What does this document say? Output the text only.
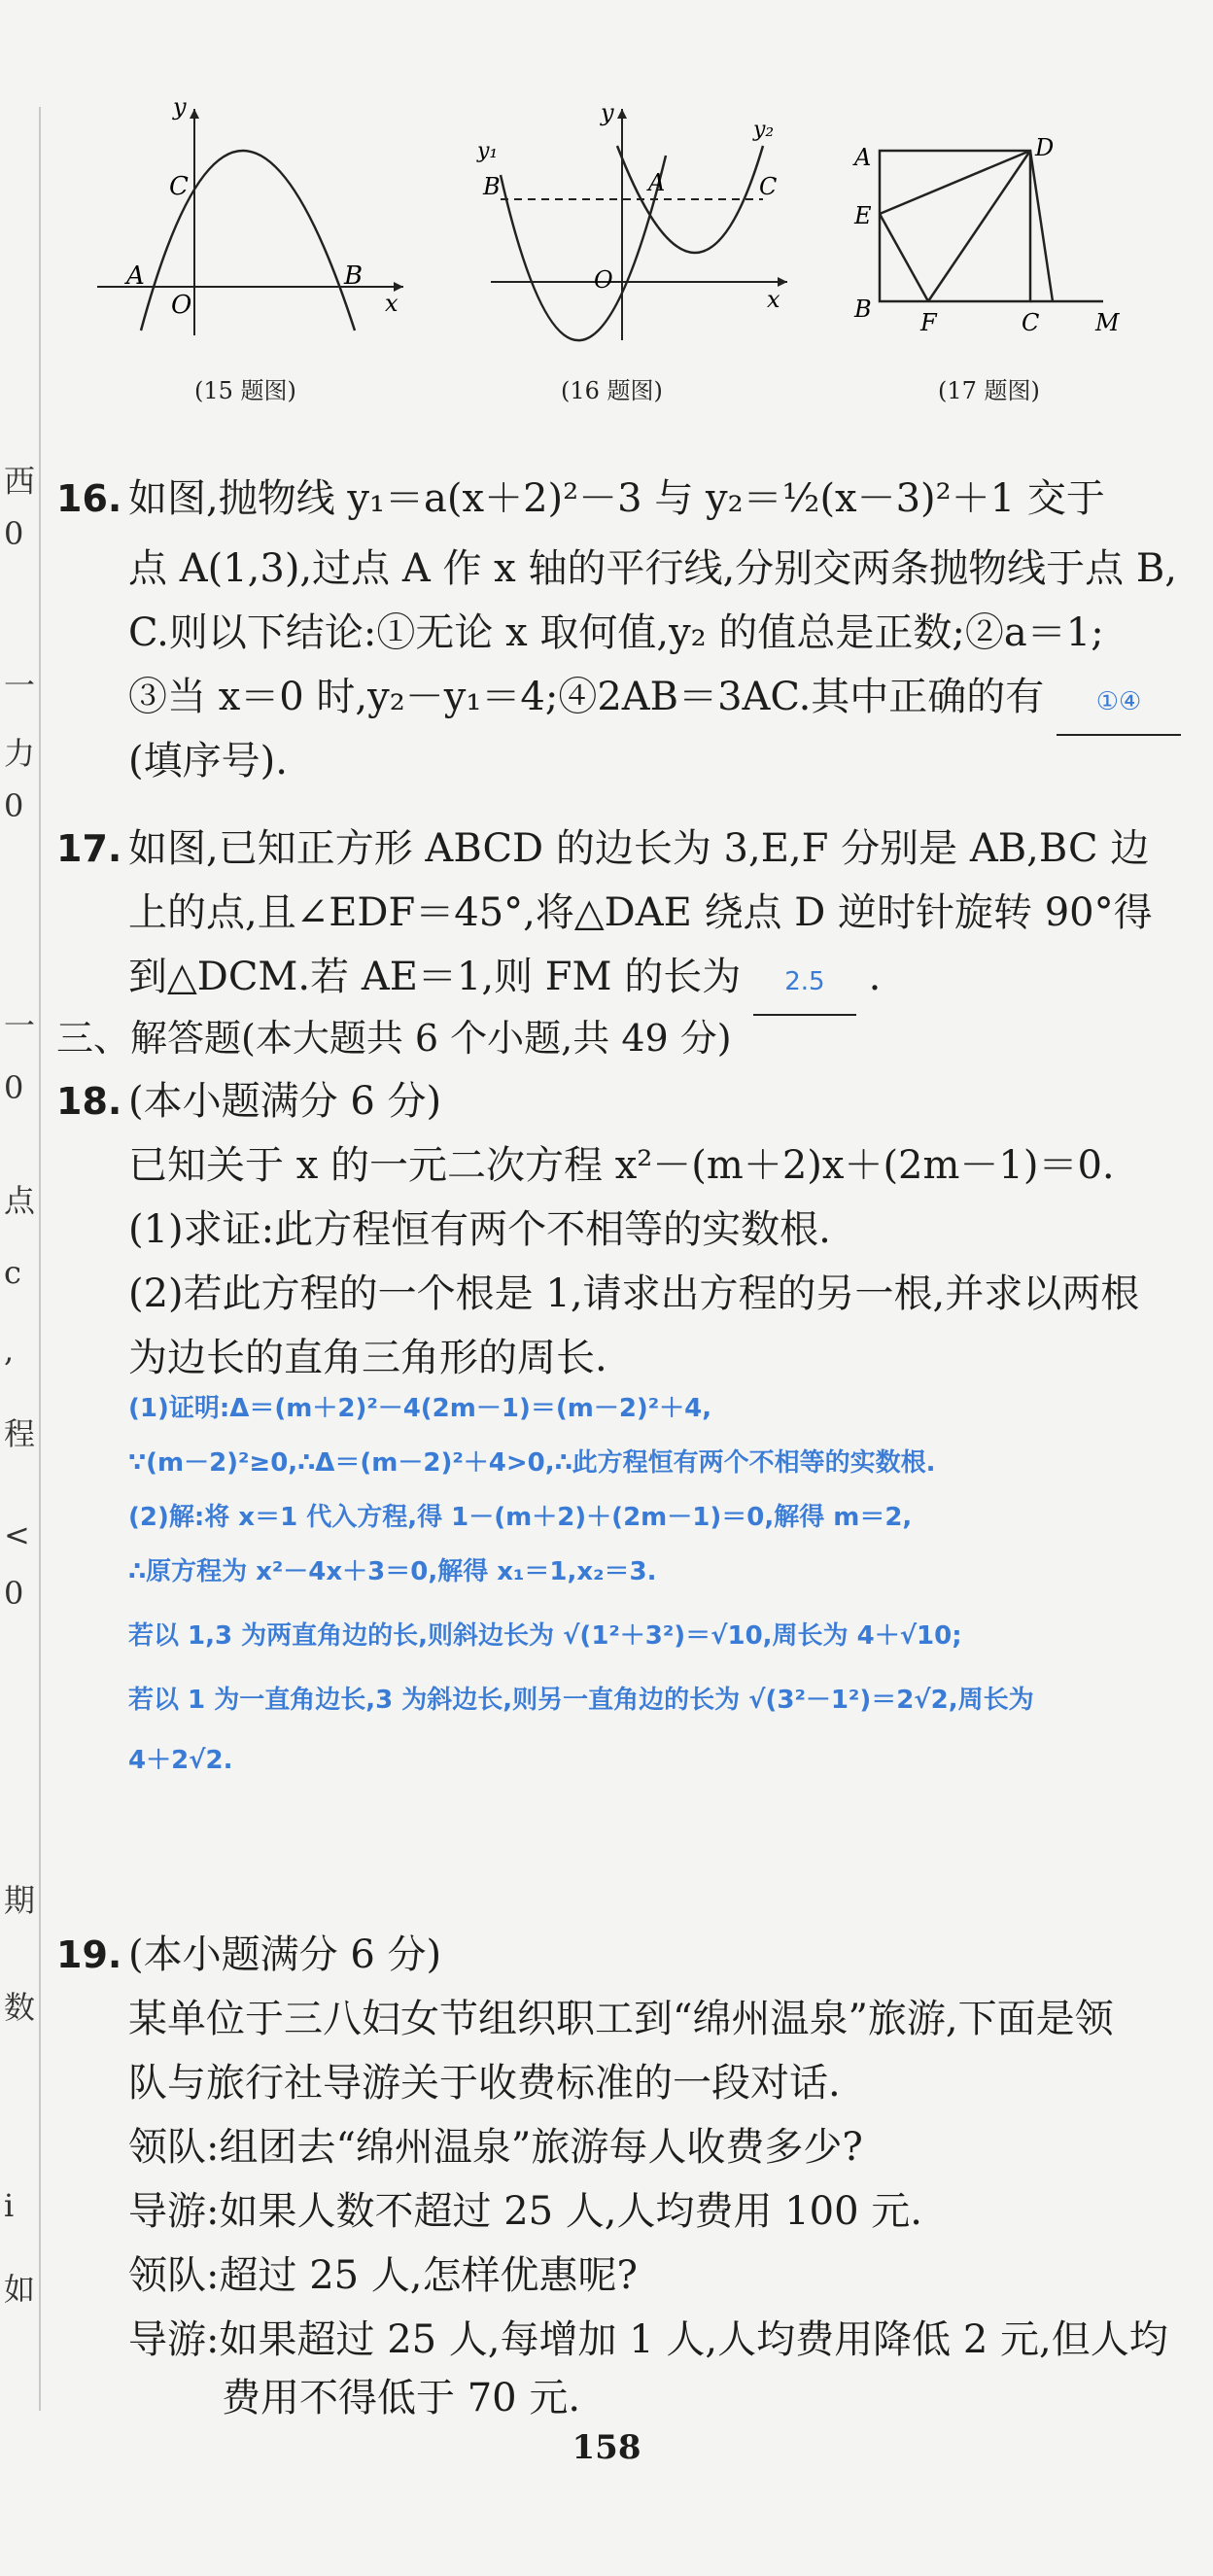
西
0
一
力
0
一
0
点
c
,
程
<
0
期
数
i
如
y
x
C
A
O
B
(15 题图)
y
y₁
y₂
B	A	C
O
x
(16 题图)
A	D
E
B F	C M
(17 题图)
16. 如图,抛物线 y₁＝a(x＋2)²－3 与 y₂＝½(x－3)²＋1 交于
点 A(1,3),过点 A 作 x 轴的平行线,分别交两条抛物线于点 B,
C.则以下结论:①无论 x 取何值,y₂ 的值总是正数;②a＝1;
③当 x＝0 时,y₂－y₁＝4;④2AB＝3AC.其中正确的有 ①④
(填序号).
17. 如图,已知正方形 ABCD 的边长为 3,E,F 分别是 AB,BC 边
上的点,且∠EDF＝45°,将△DAE 绕点 D 逆时针旋转 90°得
到△DCM.若 AE＝1,则 FM 的长为 2.5 .
三、解答题(本大题共 6 个小题,共 49 分)
18. (本小题满分 6 分)
已知关于 x 的一元二次方程 x²－(m＋2)x＋(2m－1)＝0.
(1)求证:此方程恒有两个不相等的实数根.
(2)若此方程的一个根是 1,请求出方程的另一根,并求以两根
为边长的直角三角形的周长.
(1)证明:Δ＝(m＋2)²－4(2m－1)＝(m－2)²＋4,
∵(m－2)²≥0,∴Δ＝(m－2)²＋4>0,∴此方程恒有两个不相等的实数根.
(2)解:将 x＝1 代入方程,得 1－(m＋2)＋(2m－1)＝0,解得 m＝2,
∴原方程为 x²－4x＋3＝0,解得 x₁＝1,x₂＝3.
若以 1,3 为两直角边的长,则斜边长为 √(1²＋3²)＝√10,周长为 4＋√10;
若以 1 为一直角边长,3 为斜边长,则另一直角边的长为 √(3²－1²)＝2√2,周长为
4＋2√2.
19. (本小题满分 6 分)
某单位于三八妇女节组织职工到“绵州温泉”旅游,下面是领
队与旅行社导游关于收费标准的一段对话.
领队:组团去“绵州温泉”旅游每人收费多少?
导游:如果人数不超过 25 人,人均费用 100 元.
领队:超过 25 人,怎样优惠呢?
导游:如果超过 25 人,每增加 1 人,人均费用降低 2 元,但人均
费用不得低于 70 元.
158
